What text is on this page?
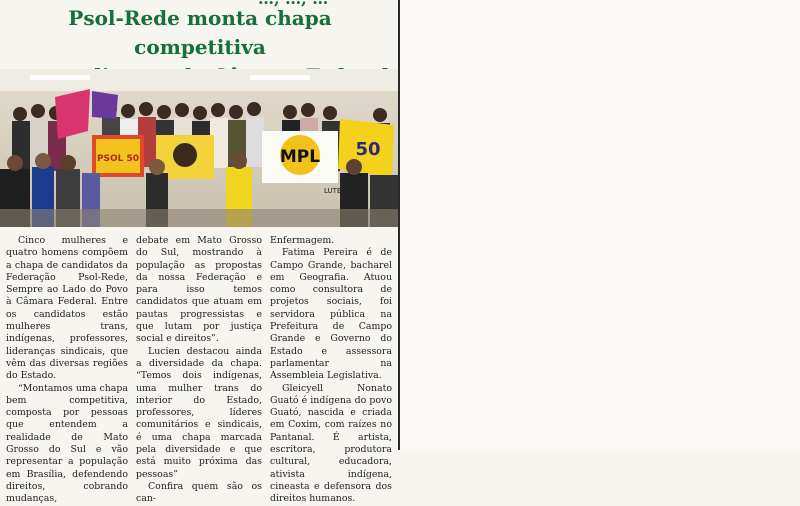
Psol-Rede monta chapa competitiva
PSOL 50	MPL 50
LUTE

Cinco mulheres e quatro homens compõem a chapa de candidatos da Federação Psol-Rede, Sempre ao Lado do Povo à Câmara Federal. Entre os candidatos estão mulheres trans, indígenas, professores, lideranças sindicais, que vêm das diversas regiões do Estado.

“Montamos uma chapa bem competitiva, composta por pessoas que entendem a realidade de Mato Grosso do Sul e vão representar a população em Brasília, defendendo direitos, cobrando mudanças,

debate em Mato Grosso do Sul, mostrando à população as propostas da nossa Federação e para isso temos candidatos que atuam em pautas progressistas e que lutam por justiça social e direitos”.

Lucien destacou ainda a diversidade da chapa. “Temos dois indígenas, uma mulher trans do interior do Estado, professores, líderes comunitários e sindicais, é uma chapa marcada pela diversidade e que está muito próxima das pessoas”

Confira quem são os can-

Enfermagem.

Fatima Pereira é de Campo Grande, bacharel em Geografia. Atuou como consultora de projetos sociais, foi servidora pública na Prefeitura de Campo Grande e Governo do Estado e assessora parlamentar na Assembleia Legislativa.

Gleicyell Nonato Guató é indígena do povo Guató, nascida e criada em Coxim, com raízes no Pantanal. É artista, escritora, produtora cultural, educadora, ativista indígena, cineasta e defensora dos direitos humanos.
